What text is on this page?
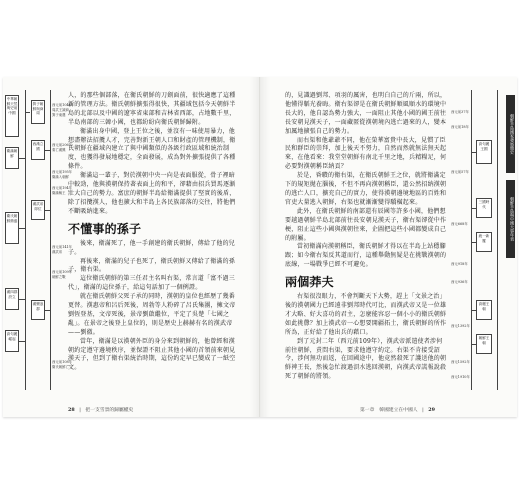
中華朝鮮天然與史前中國
箕子朝鮮與商周
衛滿朝鮮
西漢立國
衛氏朝鮮鼎盛
漢武帝即位
漢四郡設立
漢樂浪郡
高句麗崛起
西元前1046年
周武王滅商
箕子東遷
西元前206年
秦亡漢興
西元前195年
衛滿入朝鮮
西元前194年
衛滿稱王
西元前141年
漢武帝
西元前109年
朝鮮之戰
西元前108年
衛氏朝鮮亡

人，的那些個部落，在衛氏朝鮮的刀劍面前，很快適應了這種新的管理方法。衛氏朝鮮擴張得很快，其疆域包括今天朝鮮半島的北部以及中國的遼寧省東部和吉林省西部，占地數千里，半島南部的三韓小國，也都紛紛向衛氏朝鮮歸附。

衛滿出身中國，登上王位之後，並沒有一味使用暴力，他想盡辦法招攬人才，完善對新王朝人口和財產的管理機制，衛氏朝鮮在疆域內建立了與中國類似的各級行政區域和統治制度，也獲得發展地穩定，全面發展，成為對外擴張提供了各種條件。

衛滿這一輩子，對於漢朝中央一向是表面服從，骨子裡暗中較勁，他與漢朝保持著表面上的和平，卻藉由招兵買馬逐漸壯大自己的勢力。富庶的朝鮮半島給衛滿提供了堅實的後盾，除了招攬漢人，他也擴大和半島上各民族部落的交往，將他們不斷吸納進來。

不懂事的孫子

後來，衛滿死了，他一手創建的衛氏朝鮮，傳給了他的兒子。

再後來，衛滿的兒子也死了，衛氏朝鮮又傳給了衛滿的孫子，衛右渠。

這位衛氏朝鮮的第三任君主名叫右渠，常言道「富不過三代」，衛滿的這位孫子，給這句話加了一個例證。

就在衛氏朝鮮父死子承的同時，漢朝的皇位也經歷了幾番更替。漢惠帝和呂后死後，周勃等人粉碎了呂氏集團，擁文帝劉恆登基，文帝死後，景帝劉啟繼位，平定了吳楚「七國之亂」。在景帝之後登上皇位的，則是歷史上赫赫有名的漢武帝——劉徹。

當年，衛滿是以漢朝外臣的身分來到朝鮮的，他曾經和漢朝約定遵守邊境秩序，並保證不阻止其他小國的首領前來朝見漢天子，但到了衛右渠統治時期，這份約定早已變成了一紙空文。

28 | 把一支雪景的歸屬權史

的，見識過劉邦、項羽的厲害，也明白自己的斤兩，所以，他懂得韜光養晦。衛右渠卻是在衛氏朝鮮順風順水的環境中長大的，他自認為勢力強大，一面阻止其他小國的國王前往長安朝見漢天子，一面藏匿從漢朝境內逃亡過來的人，變本加厲地擴張自己的勢力。

而右渠和他爺爺不同，他在榮華富貴中長大，見慣了臣民和群臣的崇拜，加上後天不努力，自然而然就無法無天起來，在他看來：我堂堂朝鮮有南北千里之地，兵精糧足，何必要對漢朝稱臣納貢？

於是，昏聵的衛右渠，在衛氏朝鮮王之位，就將衛滿定下的規矩拋在腦後，不但不再向漢朝稱臣，還公然招納漢朝的逃亡人口，擴充自己的實力，使得漢朝邊境地區的百姓和官吏大量逃入朝鮮，右渠也就漸漸變得驕橫起來。

此外，在衛氏朝鮮的南部還有辰國等許多小國，他們想要越過朝鮮半島北部前往長安朝見漢天子，衛右渠卻從中作梗，阻止這些小國與漢朝往來，企圖把這些小國都變成自己的附屬。

當初衛滿向漢朝稱臣，衛氏朝鮮才得以在半島上站穩腳跟；如今衛右渠反其道而行，這種舉動無疑是在挑戰漢朝的底線，一場戰爭已經不可避免。

兩個莽夫

右渠很沒眼力，不會判斷天下大勢，趕上「文景之治」後的漢朝國力已經遠非劉邦時代可比，而漢武帝又是一位雄才大略、好大喜功的君主，怎麼能容忍一個小小的衛氏朝鮮如此挑釁？加上漢武帝一心想要開疆拓土，衛氏朝鮮的所作所為，正好給了他出兵的藉口。

到了元封二年（西元前109年），漢武帝派遣使者涉何前往朝鮮，責問右渠，要求他遵守約定。右渠不肯接受詔令，涉何無功而返，在回國途中，他竟然殺死了護送他的朝鮮裨王長，然後急忙渡過浿水逃回漢朝，向漢武帝謊報說殺死了朝鮮的將領。

第一章　韓國建立在中國人 | 29
高句麗王國
三國時代
統一新羅
高麗王朝
朝鮮王朝
西元前37年
西元前18年
西元前57年
西元668年
西元918年
西元936年
西元1392年
西元1592年
西元1910年
朝鮮半島國家發展簡史
朝鮮半島與中國大事年表
